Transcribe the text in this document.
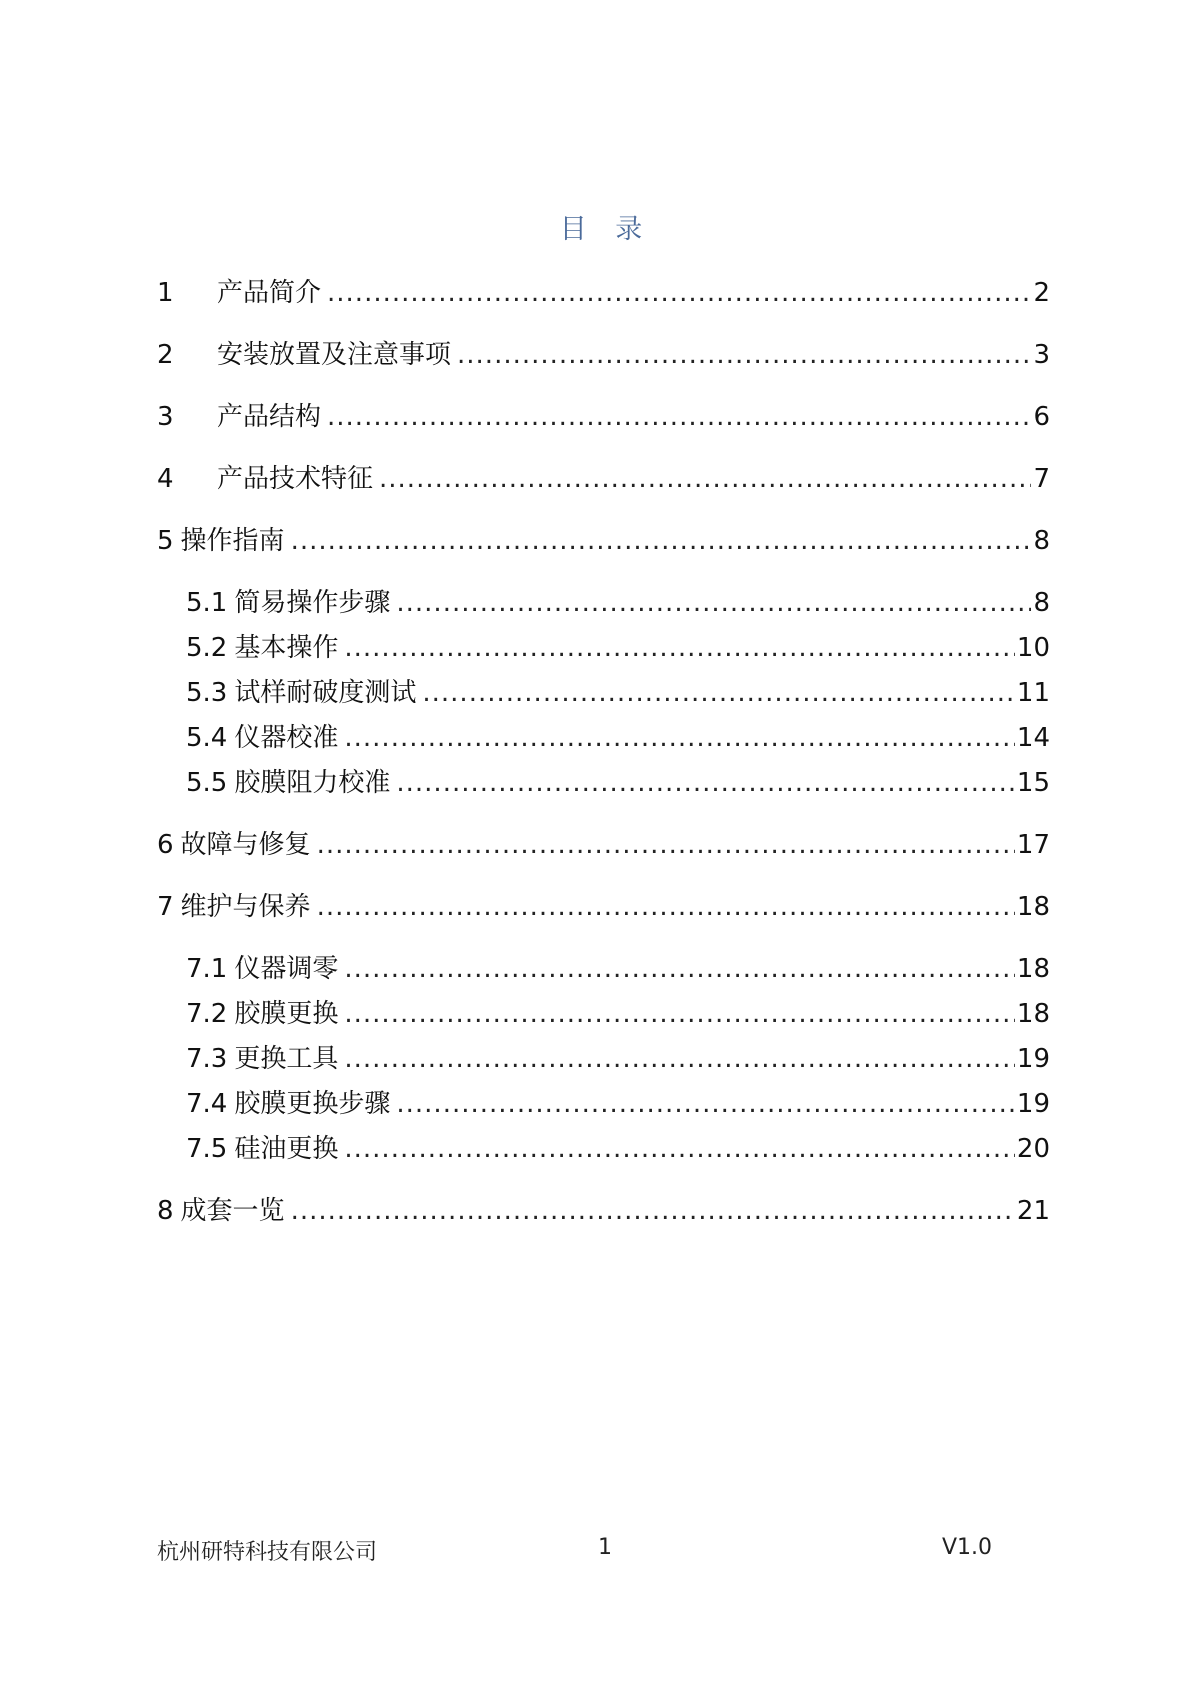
目 录
1	产品简介 .....	2
2	安装放置及注意事项 .....	3
3	产品结构 .....	6
4	产品技术特征 .....	7
5 操作指南 .....	8
5.1 简易操作步骤 .....	8
5.2 基本操作 .....	10
5.3 试样耐破度测试 .....	11
5.4 仪器校准 .....	14
5.5 胶膜阻力校准 .....	15
6 故障与修复 .....	17
7 维护与保养 .....	18
7.1 仪器调零 .....	18
7.2 胶膜更换 .....	18
7.3 更换工具 .....	19
7.4 胶膜更换步骤 .....	19
7.5 硅油更换 .....	20
8 成套一览 .....	21
杭州研特科技有限公司	1	V1.0
